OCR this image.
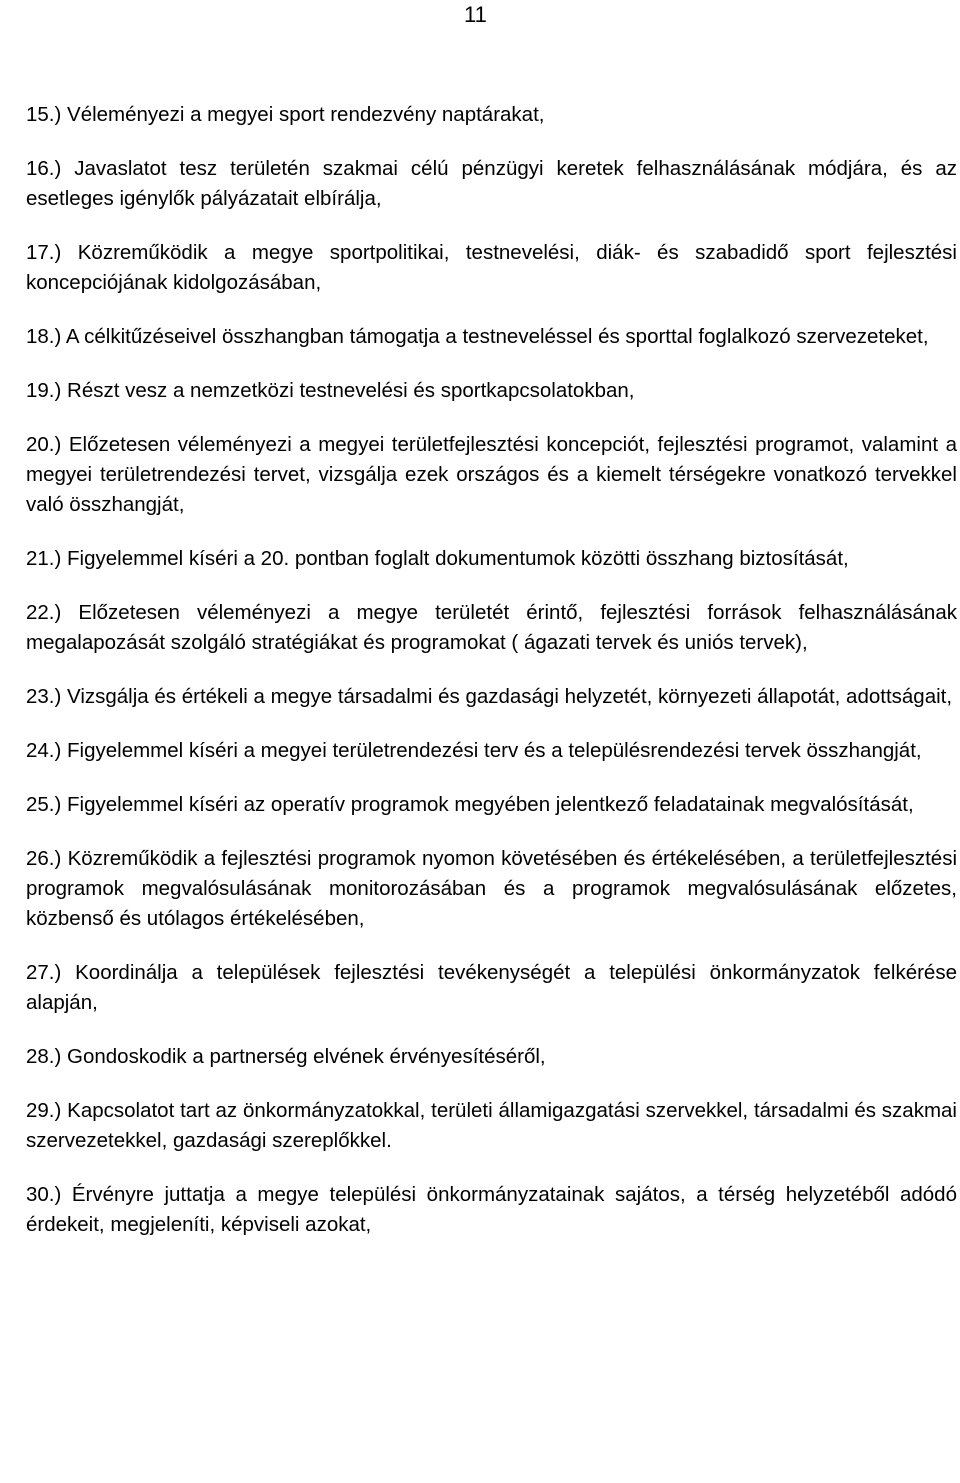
11
15.) Véleményezi a megyei sport rendezvény naptárakat,
16.) Javaslatot tesz területén szakmai célú pénzügyi keretek felhasználásának módjára, és az esetleges igénylők pályázatait elbírálja,
17.) Közreműködik a megye sportpolitikai, testnevelési, diák- és szabadidő sport fejlesztési koncepciójának kidolgozásában,
18.) A célkitűzéseivel összhangban támogatja a testneveléssel és sporttal foglalkozó szervezeteket,
19.) Részt vesz a nemzetközi testnevelési és sportkapcsolatokban,
20.) Előzetesen véleményezi a megyei területfejlesztési koncepciót, fejlesztési programot, valamint a megyei területrendezési tervet, vizsgálja ezek országos és a kiemelt térségekre vonatkozó tervekkel való összhangját,
21.) Figyelemmel kíséri a 20. pontban foglalt dokumentumok közötti összhang biztosítását,
22.) Előzetesen véleményezi a megye területét érintő, fejlesztési források felhasználásának megalapozását szolgáló stratégiákat és programokat ( ágazati tervek és uniós tervek),
23.) Vizsgálja és értékeli a megye társadalmi és gazdasági helyzetét, környezeti állapotát, adottságait,
24.) Figyelemmel kíséri a megyei területrendezési terv és a településrendezési tervek összhangját,
25.) Figyelemmel kíséri az operatív programok megyében jelentkező feladatainak megvalósítását,
26.) Közreműködik a fejlesztési programok nyomon követésében és értékelésében, a területfejlesztési programok megvalósulásának monitorozásában és a programok megvalósulásának előzetes, közbenső és utólagos értékelésében,
27.) Koordinálja a települések fejlesztési tevékenységét a települési önkormányzatok felkérése alapján,
28.) Gondoskodik a partnerség elvének érvényesítéséről,
29.) Kapcsolatot tart az önkormányzatokkal, területi államigazgatási szervekkel, társadalmi és szakmai szervezetekkel, gazdasági szereplőkkel.
30.) Érvényre juttatja a megye települési önkormányzatainak sajátos, a térség helyzetéből adódó érdekeit, megjeleníti, képviseli azokat,
